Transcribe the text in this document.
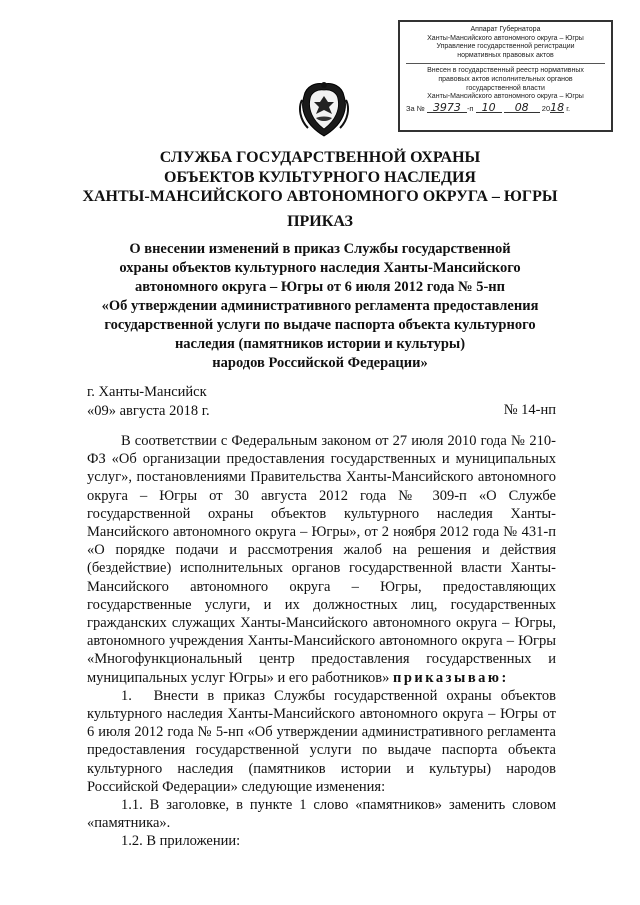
Аппарат Губернатора
Ханты-Мансийского автономного округа – Югры
Управление государственной регистрации
нормативных правовых актов
Внесен в государственный реестр нормативных
правовых актов исполнительных органов
государственной власти
Ханты-Мансийского автономного округа – Югры
За № 3973 -п 10 08 2018 г.
СЛУЖБА ГОСУДАРСТВЕННОЙ ОХРАНЫ
ОБЪЕКТОВ КУЛЬТУРНОГО НАСЛЕДИЯ
ХАНТЫ-МАНСИЙСКОГО АВТОНОМНОГО ОКРУГА – ЮГРЫ
ПРИКАЗ
О внесении изменений в приказ Службы государственной
охраны объектов культурного наследия Ханты-Мансийского
автономного округа – Югры от 6 июля 2012 года № 5-нп
«Об утверждении административного регламента предоставления
государственной услуги по выдаче паспорта объекта культурного
наследия (памятников истории и культуры)
народов Российской Федерации»
г. Ханты-Мансийск
«09» августа 2018 г.	№ 14-нп

В соответствии с Федеральным законом от 27 июля 2010 года № 210-ФЗ «Об организации предоставления государственных и муниципальных услуг», постановлениями Правительства Ханты-Мансийского автономного округа – Югры от 30 августа 2012 года № 309-п «О Службе государственной охраны объектов культурного наследия Ханты-Мансийского автономного округа – Югры», от 2 ноября 2012 года № 431-п «О порядке подачи и рассмотрения жалоб на решения и действия (бездействие) исполнительных органов государственной власти Ханты-Мансийского автономного округа – Югры, предоставляющих государственные услуги, и их должностных лиц, государственных гражданских служащих Ханты-Мансийского автономного округа – Югры, автономного учреждения Ханты-Мансийского автономного округа – Югры «Многофункциональный центр предоставления государственных и муниципальных услуг Югры» и его работников» приказываю:

1.  Внести в приказ Службы государственной охраны объектов культурного наследия Ханты-Мансийского автономного округа – Югры от 6 июля 2012 года № 5-нп «Об утверждении административного регламента предоставления государственной услуги по выдаче паспорта объекта культурного наследия (памятников истории и культуры) народов Российской Федерации» следующие изменения:

1.1. В заголовке, в пункте 1 слово «памятников» заменить словом «памятника».

1.2. В приложении:
